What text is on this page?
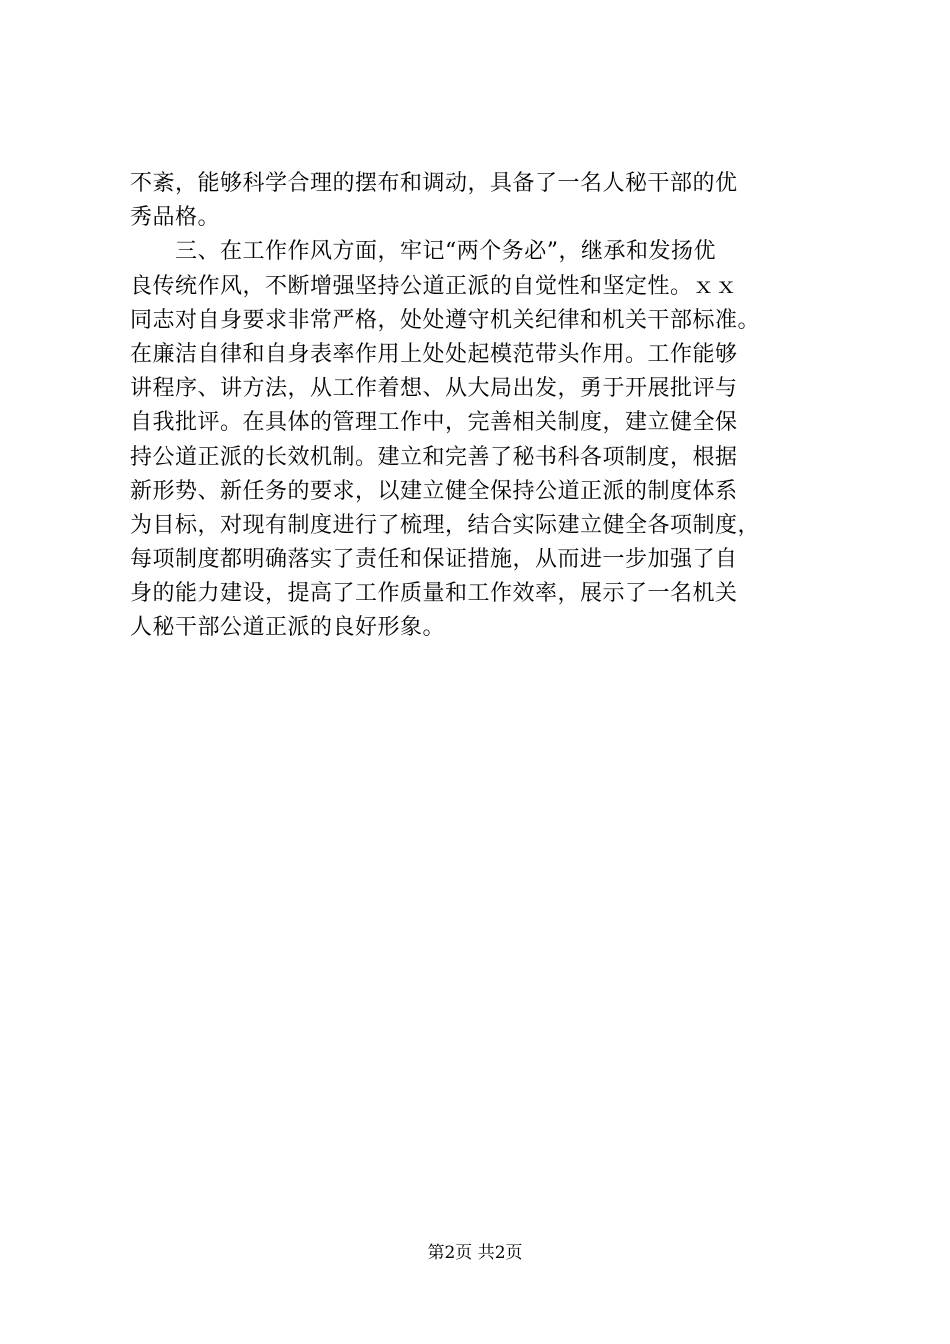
不紊，能够科学合理的摆布和调动，具备了一名人秘干部的优
秀品格。
　　三、在工作作风方面，牢记“两个务必”，继承和发扬优
良传统作风，不断增强坚持公道正派的自觉性和坚定性。ｘｘ
同志对自身要求非常严格，处处遵守机关纪律和机关干部标准。
在廉洁自律和自身表率作用上处处起模范带头作用。工作能够
讲程序、讲方法，从工作着想、从大局出发，勇于开展批评与
自我批评。在具体的管理工作中，完善相关制度，建立健全保
持公道正派的长效机制。建立和完善了秘书科各项制度，根据
新形势、新任务的要求，以建立健全保持公道正派的制度体系
为目标，对现有制度进行了梳理，结合实际建立健全各项制度，
每项制度都明确落实了责任和保证措施，从而进一步加强了自
身的能力建设，提高了工作质量和工作效率，展示了一名机关
人秘干部公道正派的良好形象。
第2页 共2页
